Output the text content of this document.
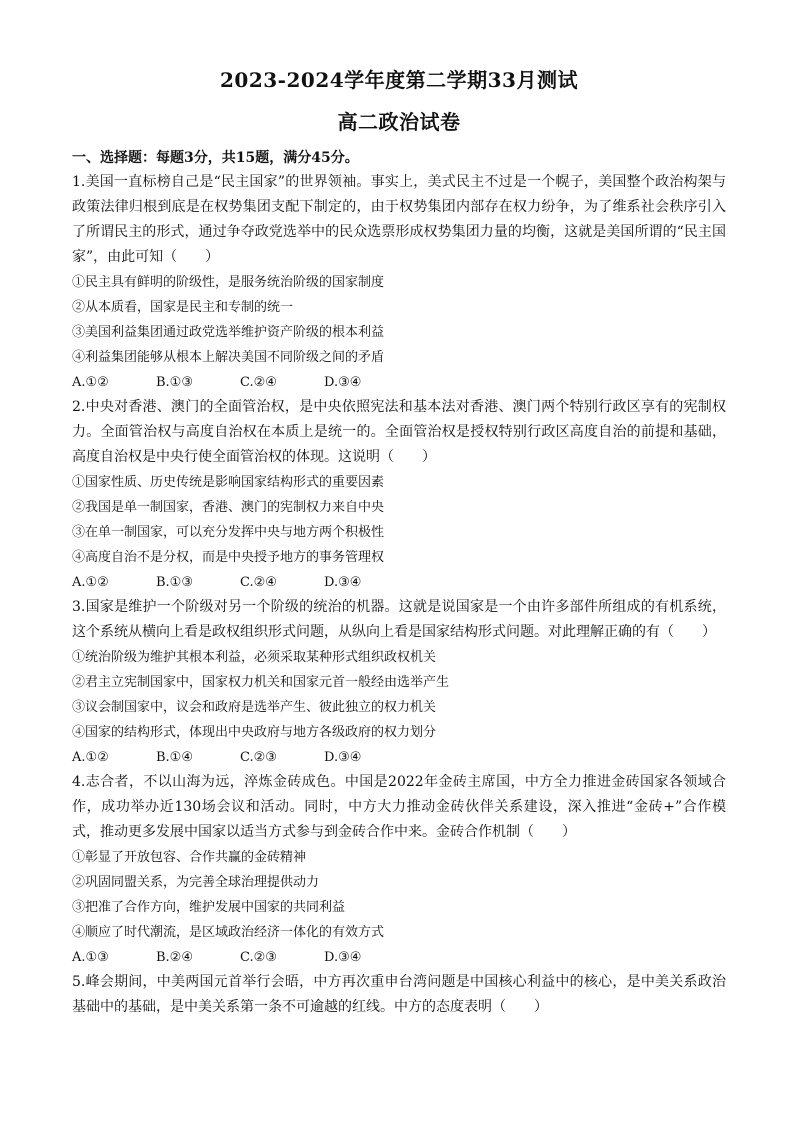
2023-2024学年度第二学期33月测试
高二政治试卷

一、选择题：每题3分，共15题，满分45分。

1.美国一直标榜自己是“民主国家”的世界领袖。事实上，美式民主不过是一个幌子，美国整个政治构架与政策法律归根到底是在权势集团支配下制定的，由于权势集团内部存在权力纷争，为了维系社会秩序引入了所谓民主的形式，通过争夺政党选举中的民众选票形成权势集团力量的均衡，这就是美国所谓的“民主国家”，由此可知（　　）

①民主具有鲜明的阶级性，是服务统治阶级的国家制度

②从本质看，国家是民主和专制的统一

③美国利益集团通过政党选举维护资产阶级的根本利益

④利益集团能够从根本上解决美国不同阶级之间的矛盾

A.①②	B.①③	C.②④	D.③④

2.中央对香港、澳门的全面管治权，是中央依照宪法和基本法对香港、澳门两个特别行政区享有的宪制权力。全面管治权与高度自治权在本质上是统一的。全面管治权是授权特别行政区高度自治的前提和基础，高度自治权是中央行使全面管治权的体现。这说明（　　）

①国家性质、历史传统是影响国家结构形式的重要因素

②我国是单一制国家，香港、澳门的宪制权力来自中央

③在单一制国家，可以充分发挥中央与地方两个积极性

④高度自治不是分权，而是中央授予地方的事务管理权

A.①②	B.①③	C.②④	D.③④

3.国家是维护一个阶级对另一个阶级的统治的机器。这就是说国家是一个由许多部件所组成的有机系统，这个系统从横向上看是政权组织形式问题，从纵向上看是国家结构形式问题。对此理解正确的有（　　）

①统治阶级为维护其根本利益，必须采取某种形式组织政权机关

②君主立宪制国家中，国家权力机关和国家元首一般经由选举产生

③议会制国家中，议会和政府是选举产生、彼此独立的权力机关

④国家的结构形式，体现出中央政府与地方各级政府的权力划分

A.①②	B.①④	C.②③	D.③④

4.志合者，不以山海为远，淬炼金砖成色。中国是2022年金砖主席国，中方全力推进金砖国家各领域合作，成功举办近130场会议和活动。同时，中方大力推动金砖伙伴关系建设，深入推进“金砖+”合作模式，推动更多发展中国家以适当方式参与到金砖合作中来。金砖合作机制（　　）

①彰显了开放包容、合作共赢的金砖精神

②巩固同盟关系，为完善全球治理提供动力

③把准了合作方向，维护发展中国家的共同利益

④顺应了时代潮流，是区域政治经济一体化的有效方式

A.①③	B.②④	C.②③	D.③④

5.峰会期间，中美两国元首举行会晤，中方再次重申台湾问题是中国核心利益中的核心，是中美关系政治基础中的基础，是中美关系第一条不可逾越的红线。中方的态度表明（　　）
